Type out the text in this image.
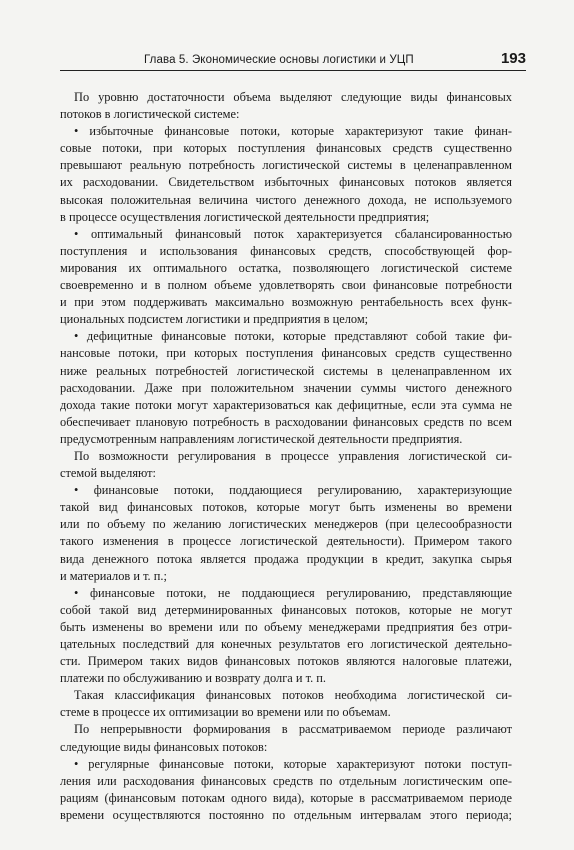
Глава 5. Экономические основы логистики и УЦП	193
По уровню достаточности объема выделяют следующие виды финансовых
потоков в логистической системе:
• избыточные финансовые потоки, которые характеризуют такие финан-
совые потоки, при которых поступления финансовых средств существенно
превышают реальную потребность логистической системы в целенаправленном
их расходовании. Свидетельством избыточных финансовых потоков является
высокая положительная величина чистого денежного дохода, не используемого
в процессе осуществления логистической деятельности предприятия;
• оптимальный финансовый поток характеризуется сбалансированностью
поступления и использования финансовых средств, способствующей фор-
мирования их оптимального остатка, позволяющего логистической системе
своевременно и в полном объеме удовлетворять свои финансовые потребности
и при этом поддерживать максимально возможную рентабельность всех функ-
циональных подсистем логистики и предприятия в целом;
• дефицитные финансовые потоки, которые представляют собой такие фи-
нансовые потоки, при которых поступления финансовых средств существенно
ниже реальных потребностей логистической системы в целенаправленном их
расходовании. Даже при положительном значении суммы чистого денежного
дохода такие потоки могут характеризоваться как дефицитные, если эта сумма не
обеспечивает плановую потребность в расходовании финансовых средств по всем
предусмотренным направлениям логистической деятельности предприятия.
По возможности регулирования в процессе управления логистической си-
стемой выделяют:
• финансовые потоки, поддающиеся регулированию, характеризующие
такой вид финансовых потоков, которые могут быть изменены во времени
или по объему по желанию логистических менеджеров (при целесообразности
такого изменения в процессе логистической деятельности). Примером такого
вида денежного потока является продажа продукции в кредит, закупка сырья
и материалов и т. п.;
• финансовые потоки, не поддающиеся регулированию, представляющие
собой такой вид детерминированных финансовых потоков, которые не могут
быть изменены во времени или по объему менеджерами предприятия без отри-
цательных последствий для конечных результатов его логистической деятельно-
сти. Примером таких видов финансовых потоков являются налоговые платежи,
платежи по обслуживанию и возврату долга и т. п.
Такая классификация финансовых потоков необходима логистической си-
стеме в процессе их оптимизации во времени или по объемам.
По непрерывности формирования в рассматриваемом периоде различают
следующие виды финансовых потоков:
• регулярные финансовые потоки, которые характеризуют потоки поступ-
ления или расходования финансовых средств по отдельным логистическим опе-
рациям (финансовым потокам одного вида), которые в рассматриваемом периоде
времени осуществляются постоянно по отдельным интервалам этого периода;
